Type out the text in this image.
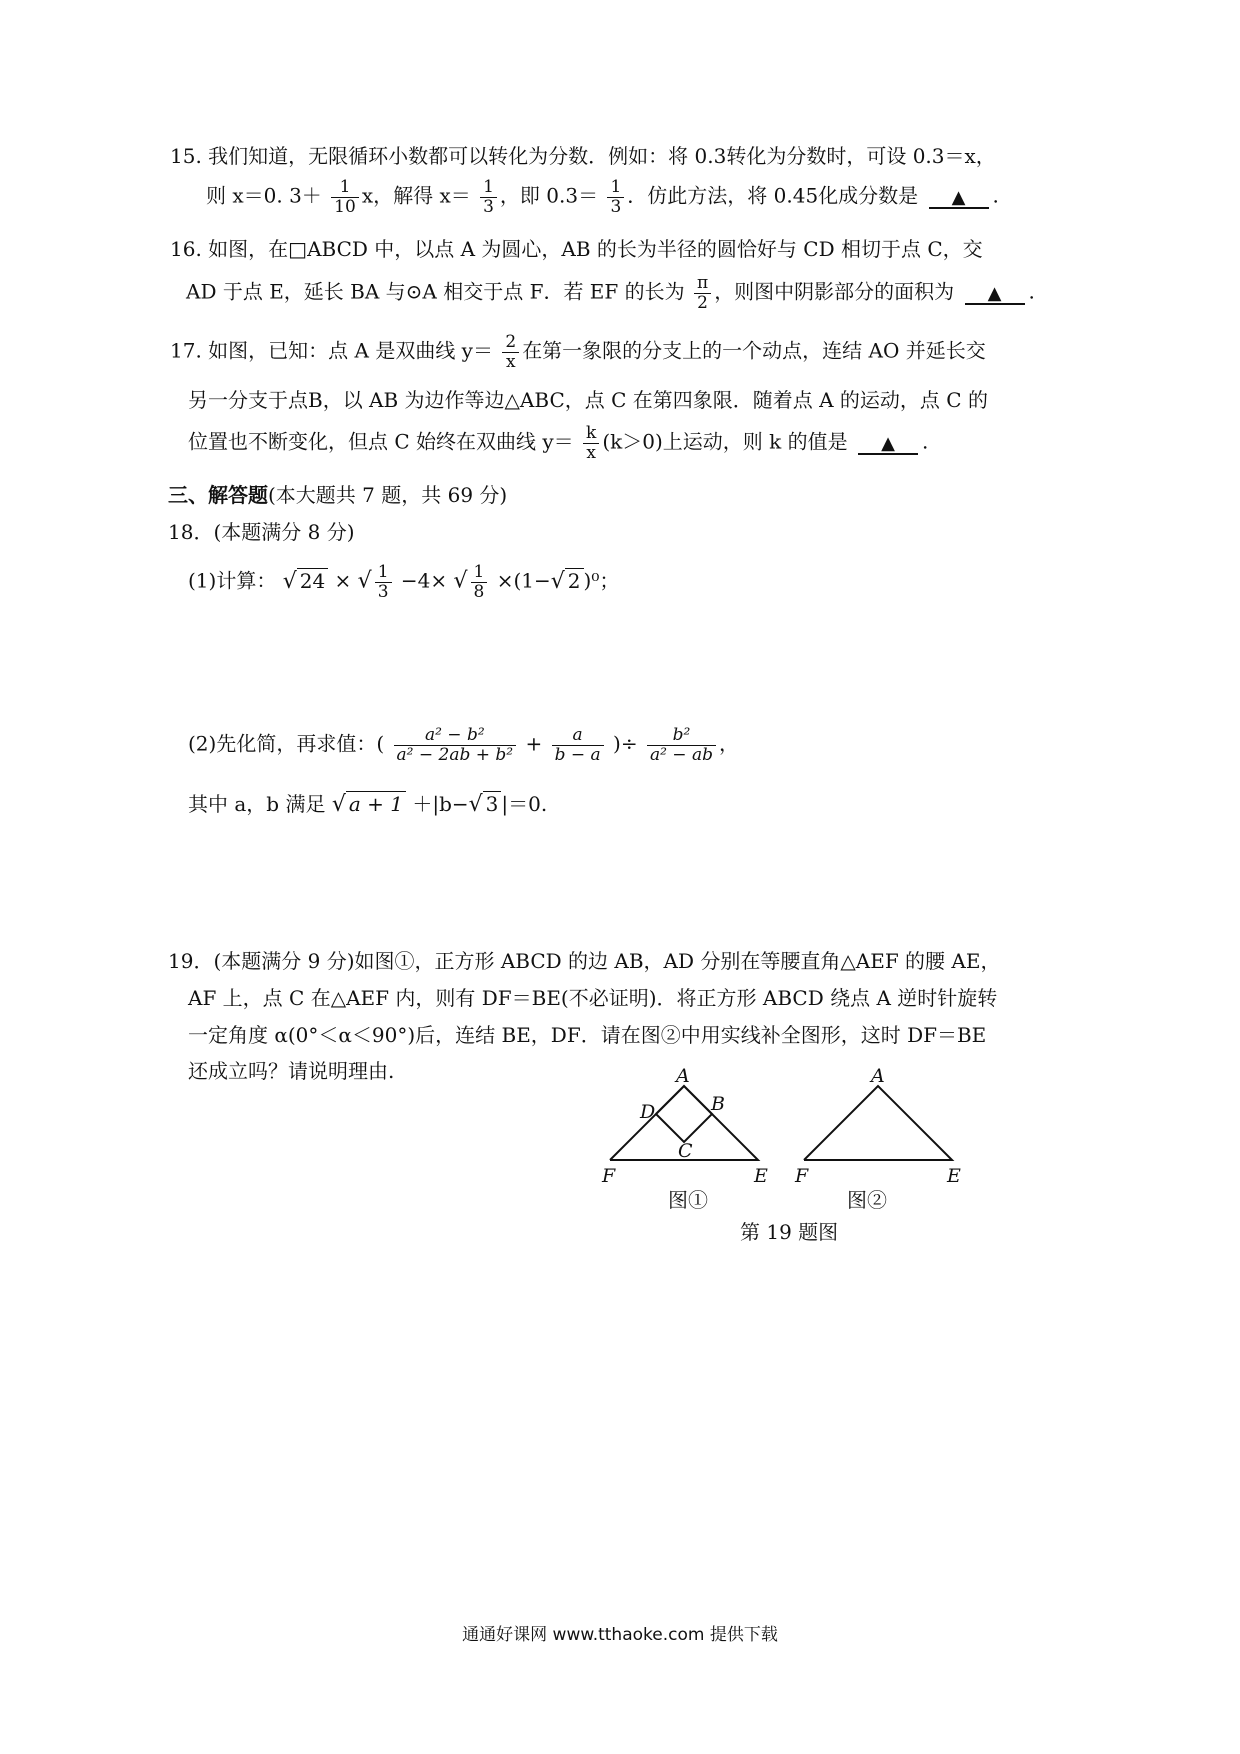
15. 我们知道，无限循环小数都可以转化为分数．例如：将 0.3转化为分数时，可设 0.3＝x，
则 x＝0. $3+ \frac{1}{10}$ x，解得 $x= \frac{1}{3}$ ，即 $0.3= \frac{1}{3}$ ．仿此方法，将 0.45化成分数是 ▲ .
16. 如图，在□ABCD 中，以点 A 为圆心，AB 的长为半径的圆恰好与 CD 相切于点 C，交
AD 于点 E，延长 BA 与⊙A 相交于点 F．若 EF 的长为 $\frac{\pi}{2}$ ，则图中阴影部分的面积为 ▲ .
17. 如图，已知：点 A 是双曲线 $y= \frac{2}{x}$ 在第一象限的分支上的一个动点，连结 AO 并延长交
另一分支于点B，以 AB 为边作等边△ABC，点 C 在第四象限．随着点 A 的运动，点 C 的
位置也不断变化，但点 C 始终在双曲线 $y= \frac{k}{x} (k>0)$上运动，则 k 的值是 ▲ .
三、解答题(本大题共 7 题，共 69 分)
18．(本题满分 8 分)
(1)计算： √ 24 × √ $\frac{1}{3} -4\times$ √ $\frac{1}{8} \times(1-√$ 2 )⁰；
(2)先化简，再求值：( $\frac{\text{a² − b²}}{\text{a² − 2ab + b²}} + \frac{a}{b - a}$ )÷ $\frac{\text{b²}}{\text{a² − ab}}$ ，
其中 a，b 满足 √ a + 1 ＋|b−√ 3 |＝0.
19．(本题满分 9 分)如图①，正方形 ABCD 的边 AB，AD 分别在等腰直角△AEF 的腰 AE，
AF 上，点 C 在△AEF 内，则有 DF＝BE(不必证明)．将正方形 ABCD 绕点 A 逆时针旋转
一定角度 α(0°＜α＜90°)后，连结 BE，DF．请在图②中用实线补全图形，这时 DF＝BE
还成立吗？请说明理由.	A
D	B
C
F	E
A
F	E
图①	图②
第 19 题图
通通好课网 www.tthaoke.com 提供下载
